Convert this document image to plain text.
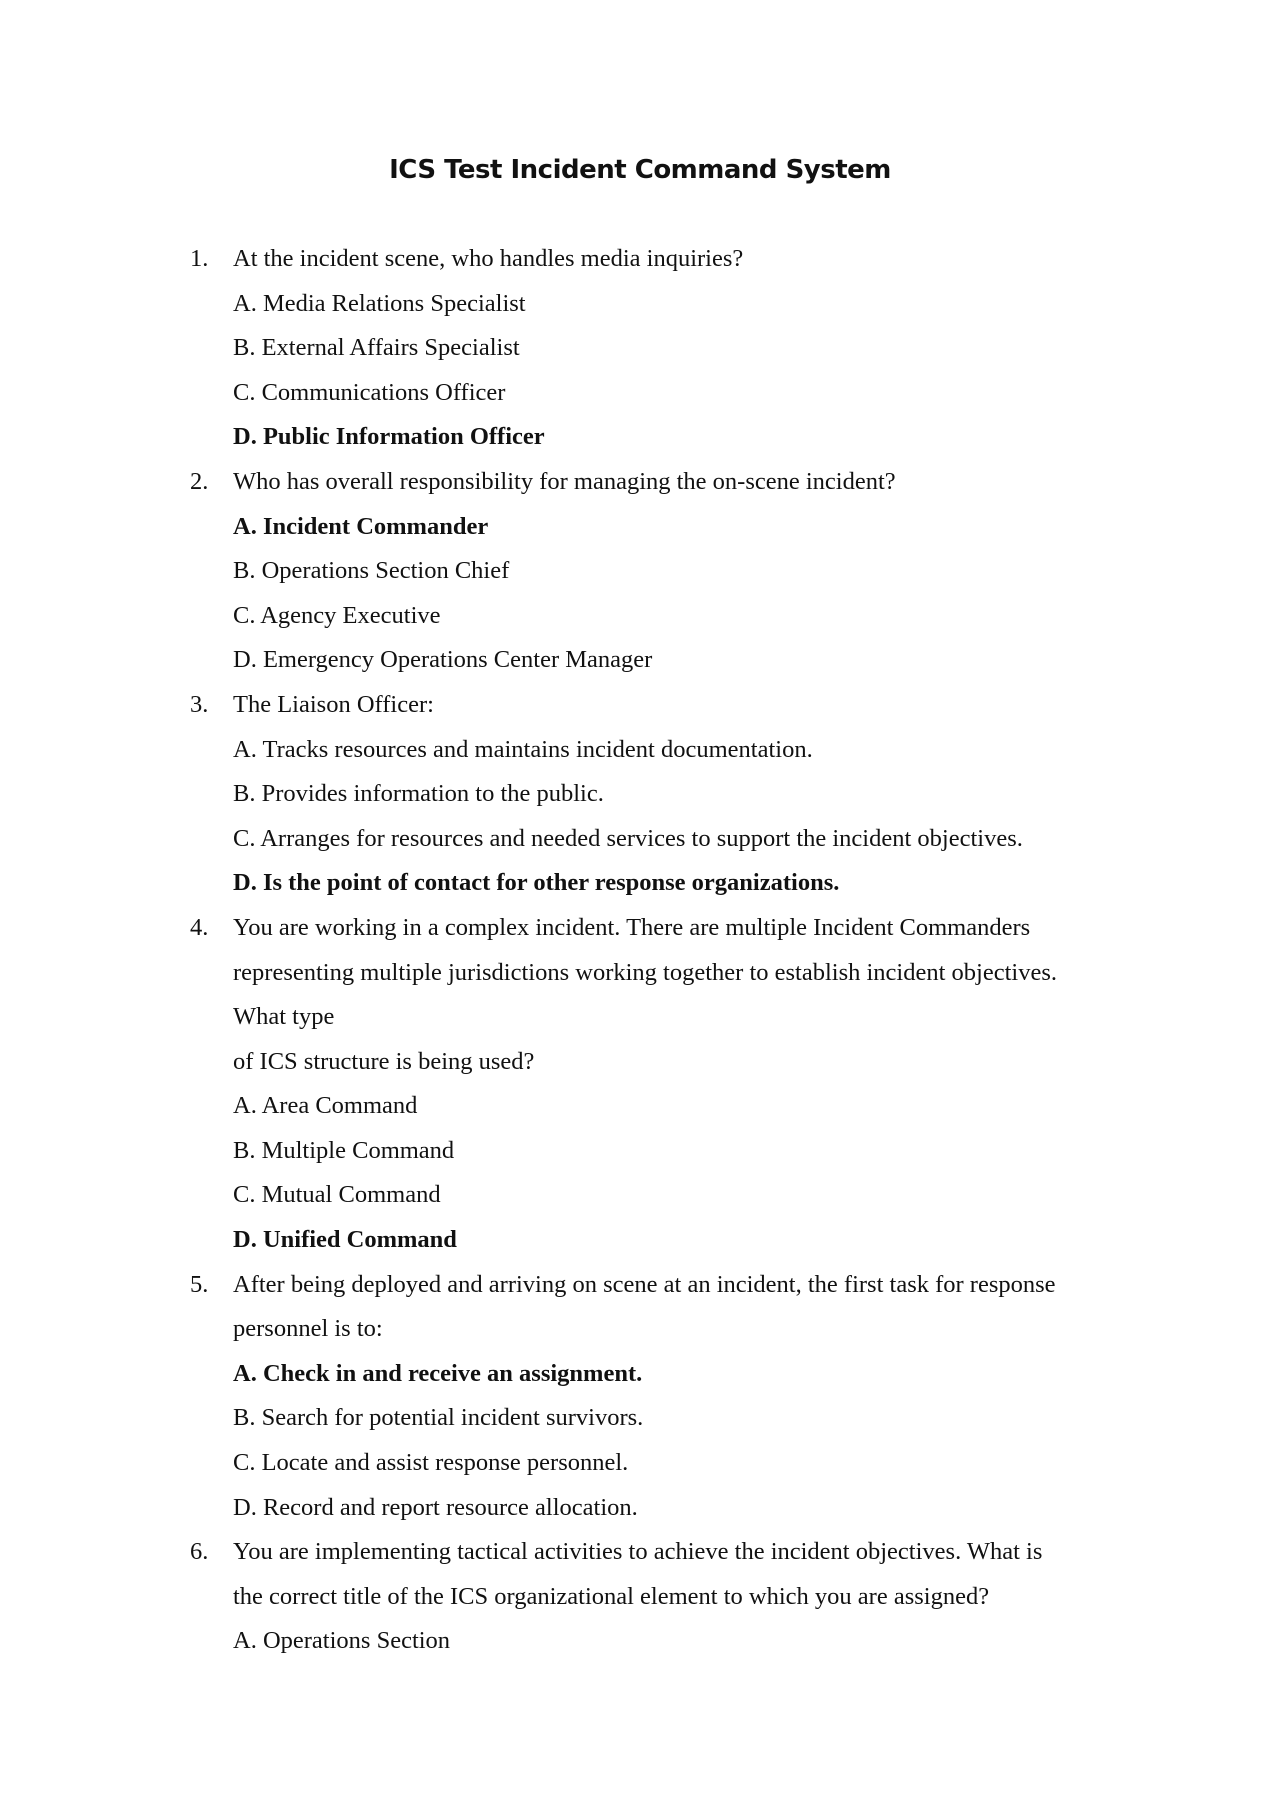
ICS Test Incident Command System
1. At the incident scene, who handles media inquiries?
A. Media Relations Specialist
B. External Affairs Specialist
C. Communications Officer
D. Public Information Officer
2. Who has overall responsibility for managing the on-scene incident?
A. Incident Commander
B. Operations Section Chief
C. Agency Executive
D. Emergency Operations Center Manager
3. The Liaison Officer:
A. Tracks resources and maintains incident documentation.
B. Provides information to the public.
C. Arranges for resources and needed services to support the incident objectives.
D. Is the point of contact for other response organizations.
4. You are working in a complex incident. There are multiple Incident Commanders
representing multiple jurisdictions working together to establish incident objectives.
What type
of ICS structure is being used?
A. Area Command
B. Multiple Command
C. Mutual Command
D. Unified Command
5. After being deployed and arriving on scene at an incident, the first task for response
personnel is to:
A. Check in and receive an assignment.
B. Search for potential incident survivors.
C. Locate and assist response personnel.
D. Record and report resource allocation.
6. You are implementing tactical activities to achieve the incident objectives. What is
the correct title of the ICS organizational element to which you are assigned?
A. Operations Section
